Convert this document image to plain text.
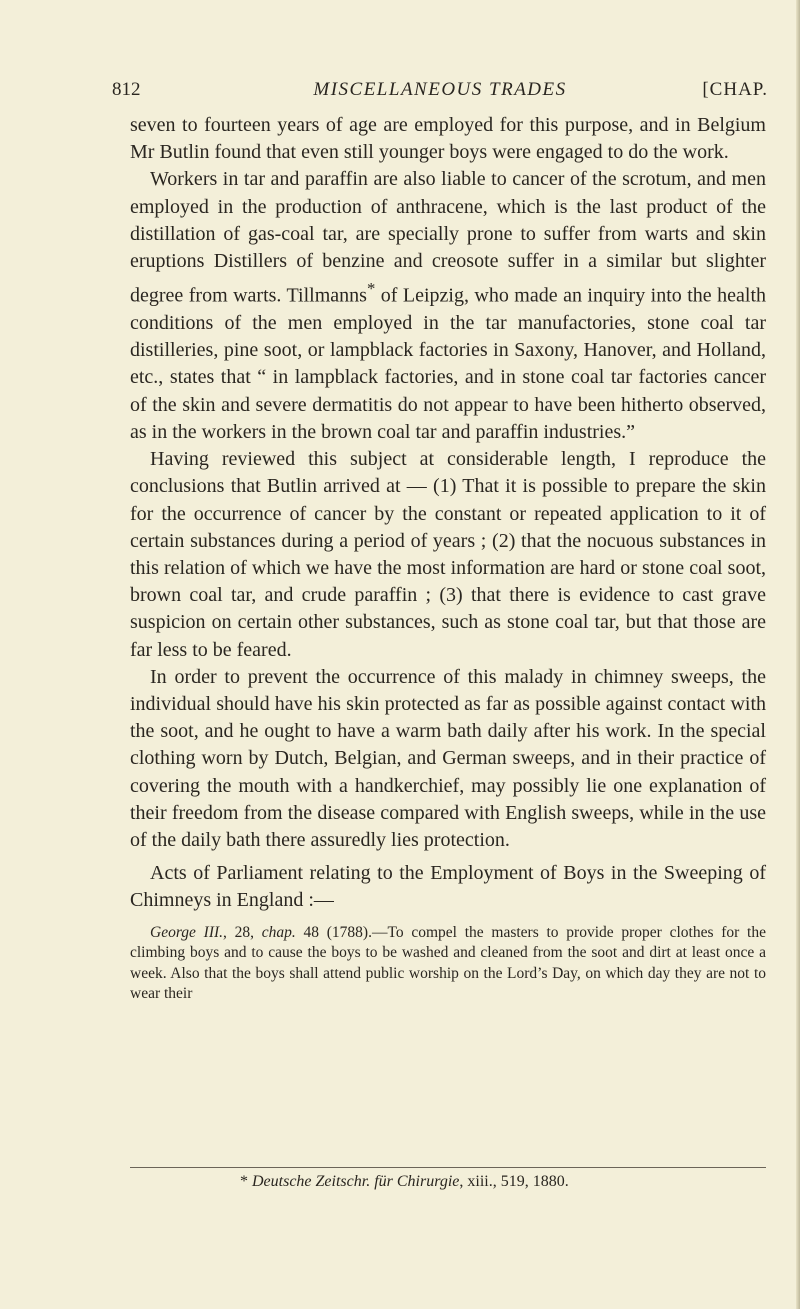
812	MISCELLANEOUS TRADES	[CHAP.

seven to fourteen years of age are employed for this purpose, and in Belgium Mr Butlin found that even still younger boys were engaged to do the work.

Workers in tar and paraffin are also liable to cancer of the scrotum, and men employed in the production of anthracene, which is the last product of the distillation of gas-coal tar, are specially prone to suffer from warts and skin eruptions Distillers of benzine and creosote suffer in a similar but slighter degree from warts. Tillmanns* of Leipzig, who made an inquiry into the health conditions of the men employed in the tar manufactories, stone coal tar distilleries, pine soot, or lampblack factories in Saxony, Hanover, and Holland, etc., states that “ in lampblack factories, and in stone coal tar factories cancer of the skin and severe dermatitis do not appear to have been hitherto observed, as in the workers in the brown coal tar and paraffin industries.”

Having reviewed this subject at considerable length, I reproduce the conclusions that Butlin arrived at — (1) That it is possible to prepare the skin for the occurrence of cancer by the constant or repeated application to it of certain substances during a period of years ; (2) that the nocuous substances in this relation of which we have the most information are hard or stone coal soot, brown coal tar, and crude paraffin ; (3) that there is evidence to cast grave suspicion on certain other substances, such as stone coal tar, but that those are far less to be feared.

In order to prevent the occurrence of this malady in chimney sweeps, the individual should have his skin protected as far as possible against contact with the soot, and he ought to have a warm bath daily after his work. In the special clothing worn by Dutch, Belgian, and German sweeps, and in their practice of covering the mouth with a handkerchief, may possibly lie one explanation of their freedom from the disease compared with English sweeps, while in the use of the daily bath there assuredly lies protection.

Acts of Parliament relating to the Employment of Boys in the Sweeping of Chimneys in England :—

George III., 28, chap. 48 (1788).—To compel the masters to provide proper clothes for the climbing boys and to cause the boys to be washed and cleaned from the soot and dirt at least once a week. Also that the boys shall attend public worship on the Lord’s Day, on which day they are not to wear their

* Deutsche Zeitschr. für Chirurgie, xiii., 519, 1880.
